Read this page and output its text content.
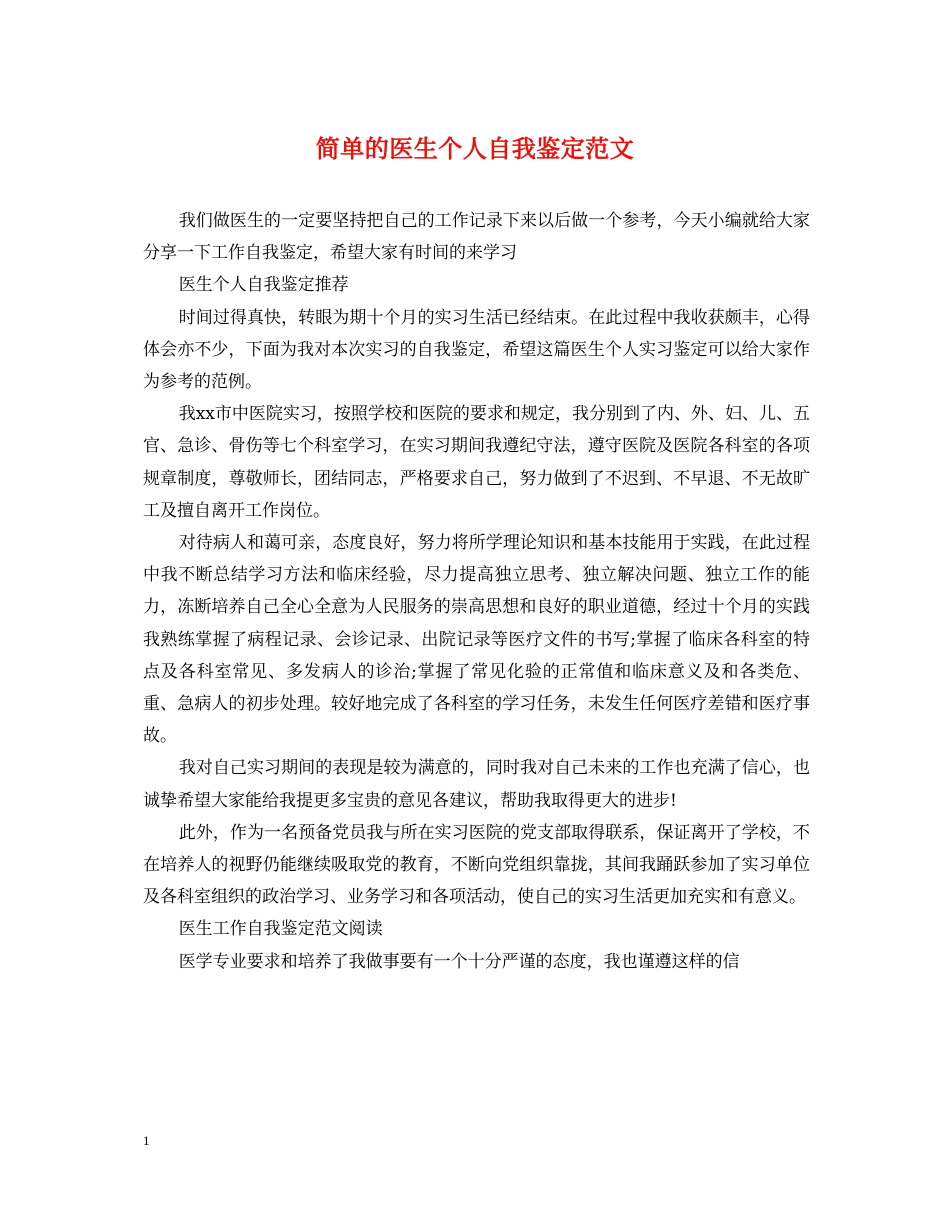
简单的医生个人自我鉴定范文

我们做医生的一定要坚持把自己的工作记录下来以后做一个参考，今天小编就给大家分享一下工作自我鉴定，希望大家有时间的来学习

医生个人自我鉴定推荐

时间过得真快，转眼为期十个月的实习生活已经结束。在此过程中我收获颇丰，心得体会亦不少，下面为我对本次实习的自我鉴定，希望这篇医生个人实习鉴定可以给大家作为参考的范例。

我xx市中医院实习，按照学校和医院的要求和规定，我分别到了内、外、妇、儿、五官、急诊、骨伤等七个科室学习，在实习期间我遵纪守法，遵守医院及医院各科室的各项规章制度，尊敬师长，团结同志，严格要求自己，努力做到了不迟到、不早退、不无故旷工及擅自离开工作岗位。

对待病人和蔼可亲，态度良好，努力将所学理论知识和基本技能用于实践，在此过程中我不断总结学习方法和临床经验，尽力提高独立思考、独立解决问题、独立工作的能力，冻断培养自己全心全意为人民服务的崇高思想和良好的职业道德，经过十个月的实践我熟练掌握了病程记录、会诊记录、出院记录等医疗文件的书写;掌握了临床各科室的特点及各科室常见、多发病人的诊治;掌握了常见化验的正常值和临床意义及和各类危、重、急病人的初步处理。较好地完成了各科室的学习任务，未发生任何医疗差错和医疗事故。

我对自己实习期间的表现是较为满意的，同时我对自己未来的工作也充满了信心，也诚挚希望大家能给我提更多宝贵的意见各建议，帮助我取得更大的进步!

此外，作为一名预备党员我与所在实习医院的党支部取得联系，保证离开了学校，不在培养人的视野仍能继续吸取党的教育，不断向党组织靠拢，其间我踊跃参加了实习单位及各科室组织的政治学习、业务学习和各项活动，使自己的实习生活更加充实和有意义。

医生工作自我鉴定范文阅读

医学专业要求和培养了我做事要有一个十分严谨的态度，我也谨遵这样的信

1
